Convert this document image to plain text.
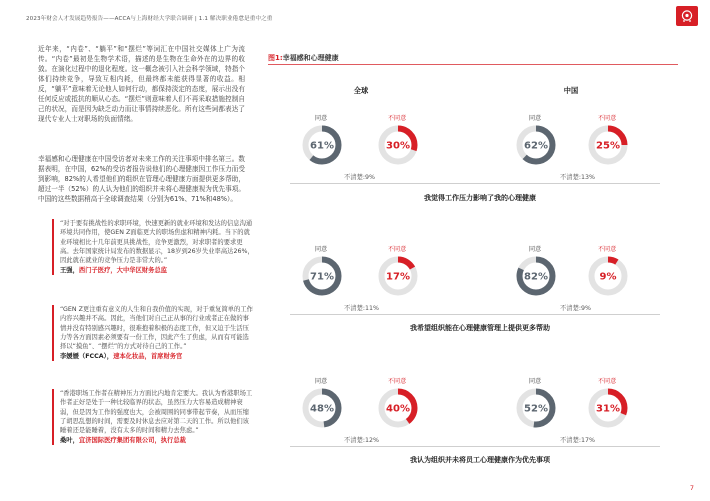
2023年财会人才发展趋势报告——ACCA与上海财经大学联合调研 | 1.1 解决职业倦怠是重中之重
近年来，“内卷”、“躺平”和“摆烂”等词汇在中国社交媒体上广为流传。“内卷”最初是生物学术语，描述的是生物在生命外在的边界的收敛。在演化过程中的退化程度。这一概念被引入社会科学领域，特指个体们持续竞争，导致互相内耗，但最终都未能获得显著的收益。相反，“躺平”意味着无论他人如何行动，都保持淡定的态度，展示出没有任何反应或抵抗的顺从心态。“摆烂”则意味着人们不再采取措施控制自己的状况，而是因为缺乏动力而让事情持续恶化。所有这些词都表达了现代专业人士对职场的负面情绪。
幸福感和心理健康在中国受访者对未来工作的关注事项中排名第三。数据表明，在中国，62%的受访者报告说他们的心理健康因工作压力而受到影响，82%的人希望他们的组织在管理心理健康方面提供更多帮助，超过一半（52%）的人认为他们的组织并未将心理健康视为优先事项。中国的这些数据稍高于全球调查结果（分别为61%、71%和48%）。
“对于要有挑战性的求职环境，快速更新的就业环境和发达的信息沟通环境共同作用，使GEN Z面临更大的职场焦虑和精神内耗。当下的就业环境相比十几年前更具挑战性，竞争更激烈，对求职者的要求更高。去年国家统计局发布的数据显示，18岁到26岁失业率高达26%，因此就在就业的竞争压力是非常大的。”
王强，西门子医疗，大中华区财务总监
“GEN Z更注重有意义的人生和自我价值的实现，对于重复简单的工作内容兴趣并不高。因此，当他们对自己正从事的行业或者正在做的事情并没有特别感兴趣时，很难抱着积极的态度工作，但又迫于生活压力等各方面因素必须要有一份工作，因此产生了焦虑，从而有可能选择以“摸鱼”、“摆烂”的方式对待自己的工作。”
李媛媛（FCCA），速本化妆品，首席财务官
“香港职场工作者在精神压力方面比内地肯定要大。我认为香港职场工作者正好是处于一种比较临界的状态，虽然压力大容易造成精神衰弱，但是因为工作的强度也大，会被周围的同事带起节奏，从而压缩了胡思乱想的时间，需要及时休息去应对第二天的工作。所以他们该睡着还是能睡着，没有太多的时间和精力去焦虑。”
桑叶，宜济国际医疗集团有限公司，执行总裁
图1:幸福感和心理健康
全球	中国
同意	不同意
61%	30%
同意	不同意
62%	25%
不清楚:9%	不清楚:13%
我觉得工作压力影响了我的心理健康
同意	不同意
71%	17%
同意	不同意
82%	9%
不清楚:11%	不清楚:9%
我希望组织能在心理健康管理上提供更多帮助
同意	不同意
48%	40%
同意	不同意
52%	31%
不清楚:12%	不清楚:17%
我认为组织并未将员工心理健康作为优先事项
7
